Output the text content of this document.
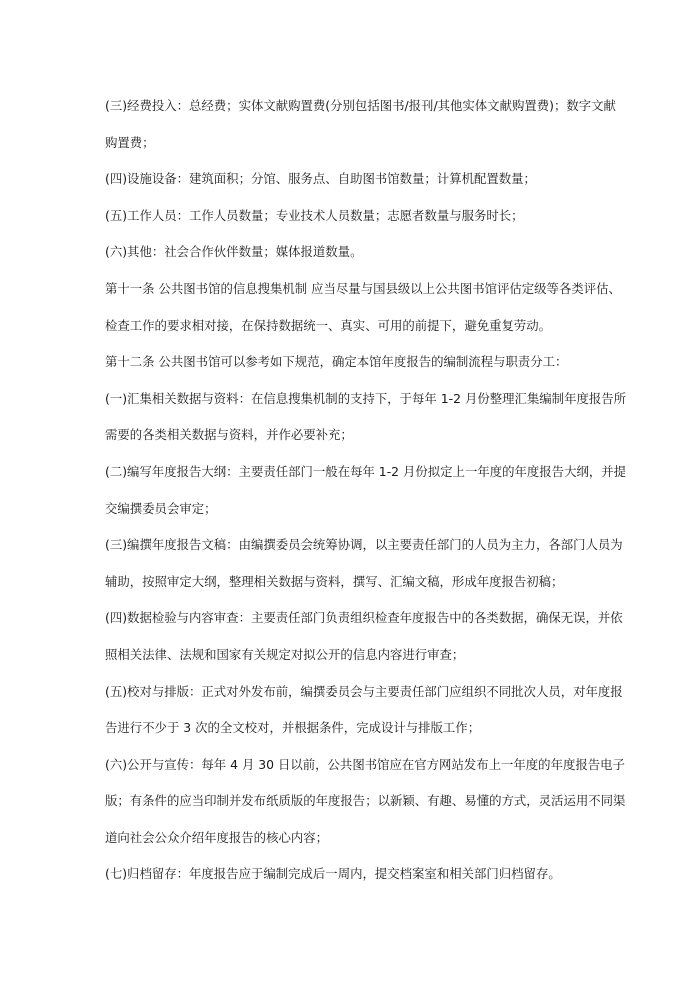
(三)经费投入：总经费；实体文献购置费(分别包括图书/报刊/其他实体文献购置费)；数字文献
购置费；

(四)设施设备：建筑面积；分馆、服务点、自助图书馆数量；计算机配置数量；

(五)工作人员：工作人员数量；专业技术人员数量；志愿者数量与服务时长；

(六)其他：社会合作伙伴数量；媒体报道数量。

第十一条 公共图书馆的信息搜集机制 应当尽量与国县级以上公共图书馆评估定级等各类评估、
检查工作的要求相对接，在保持数据统一、真实、可用的前提下，避免重复劳动。

第十二条 公共图书馆可以参考如下规范，确定本馆年度报告的编制流程与职责分工：

(一)汇集相关数据与资料：在信息搜集机制的支持下，于每年 1-2 月份整理汇集编制年度报告所
需要的各类相关数据与资料，并作必要补充；

(二)编写年度报告大纲：主要责任部门一般在每年 1-2 月份拟定上一年度的年度报告大纲，并提
交编撰委员会审定；

(三)编撰年度报告文稿：由编撰委员会统筹协调，以主要责任部门的人员为主力，各部门人员为
辅助，按照审定大纲，整理相关数据与资料，撰写、汇编文稿，形成年度报告初稿；

(四)数据检验与内容审查：主要责任部门负责组织检查年度报告中的各类数据，确保无误，并依
照相关法律、法规和国家有关规定对拟公开的信息内容进行审查；

(五)校对与排版：正式对外发布前，编撰委员会与主要责任部门应组织不同批次人员，对年度报
告进行不少于 3 次的全文校对，并根据条件，完成设计与排版工作；

(六)公开与宣传：每年 4 月 30 日以前，公共图书馆应在官方网站发布上一年度的年度报告电子
版；有条件的应当印制并发布纸质版的年度报告；以新颖、有趣、易懂的方式，灵活运用不同渠
道向社会公众介绍年度报告的核心内容；

(七)归档留存：年度报告应于编制完成后一周内，提交档案室和相关部门归档留存。
